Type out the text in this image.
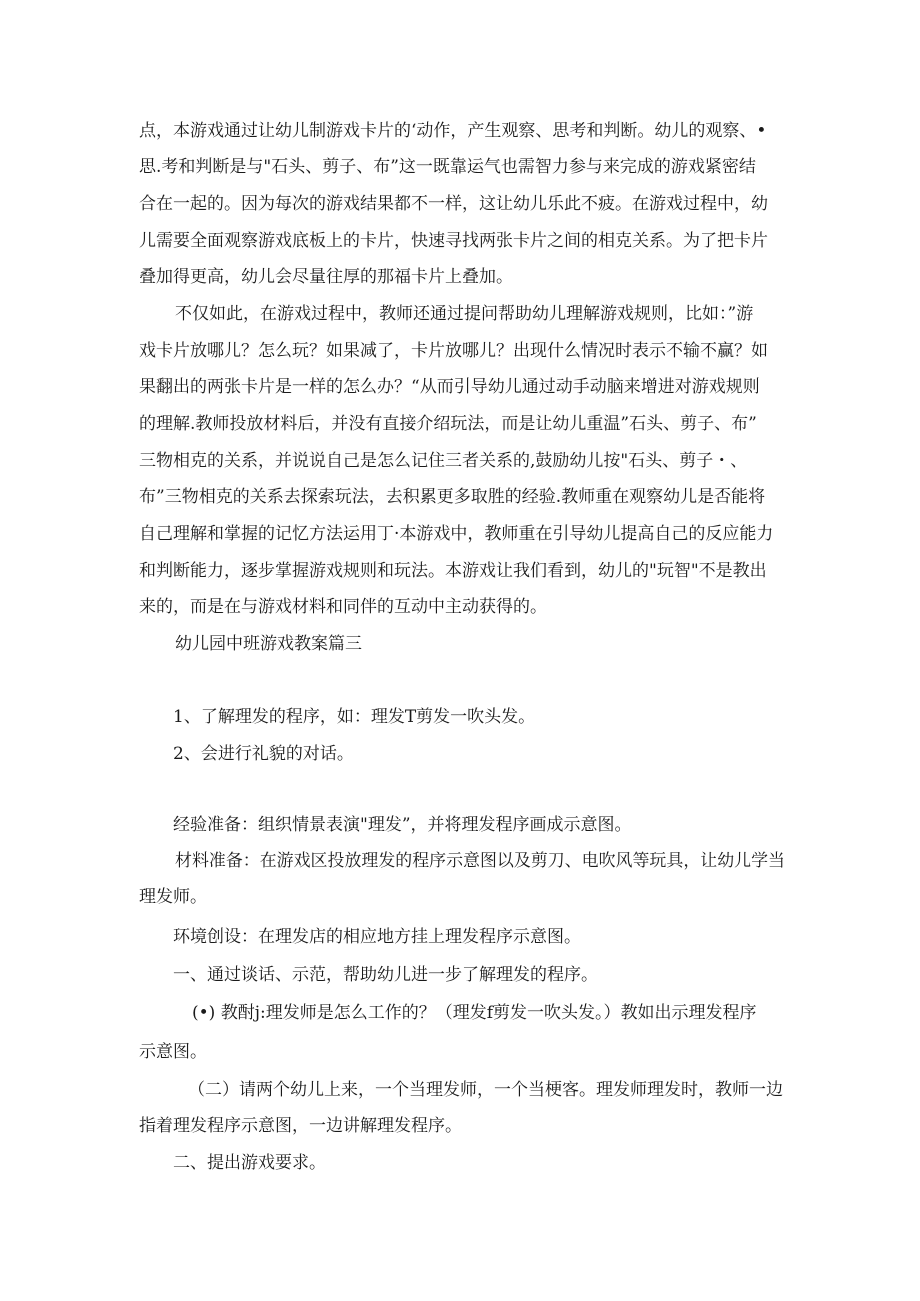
点，本游戏通过让幼儿制游戏卡片的‘动作，产生观察、思考和判断。幼儿的观察、•
思.考和判断是与"石头、剪子、布”这一既靠运气也需智力参与来完成的游戏紧密结
合在一起的。因为每次的游戏结果都不一样，这让幼儿乐此不疲。在游戏过程中，幼
儿需要全面观察游戏底板上的卡片，快速寻找两张卡片之间的相克关系。为了把卡片
叠加得更高，幼儿会尽量往厚的那福卡片上叠加。
不仅如此，在游戏过程中，教师还通过提问帮助幼儿理解游戏规则，比如：”游
戏卡片放哪儿？怎么玩？如果减了，卡片放哪儿？出现什么情况时表示不输不赢？如
果翻出的两张卡片是一样的怎么办？“从而引导幼儿通过动手动脑来增进对游戏规则
的理解.教师投放材料后，并没有直接介绍玩法，而是让幼儿重温”石头、剪子、布”
三物相克的关系，并说说自己是怎么记住三者关系的,鼓励幼儿按"石头、剪子・、
布”三物相克的关系去探索玩法，去积累更多取胜的经验.教师重在观察幼儿是否能将
自己理解和掌握的记忆方法运用丁·本游戏中，教师重在引导幼儿提高自己的反应能力
和判断能力，逐步掌握游戏规则和玩法。本游戏让我们看到，幼儿的"玩智"不是教出
来的，而是在与游戏材料和同伴的互动中主动获得的。
幼儿园中班游戏教案篇三
1、了解理发的程序，如：理发T剪发一吹头发。
2、会进行礼貌的对话。
经验准备：组织情景表演"理发”，并将理发程序画成示意图。
材料准备：在游戏区投放理发的程序示意图以及剪刀、电吹风等玩具，让幼儿学当
理发师。
环境创设：在理发店的相应地方挂上理发程序示意图。
一、通过谈话、示范，帮助幼儿进一步了解理发的程序。
(•) 教酎j:理发师是怎么工作的？（理发f剪发一吹头发。）教如出示理发程序
示意图。
（二）请两个幼儿上来，一个当理发师，一个当梗客。理发师理发时，教师一边
指着理发程序示意图，一边讲解理发程序。
二、提出游戏要求。
